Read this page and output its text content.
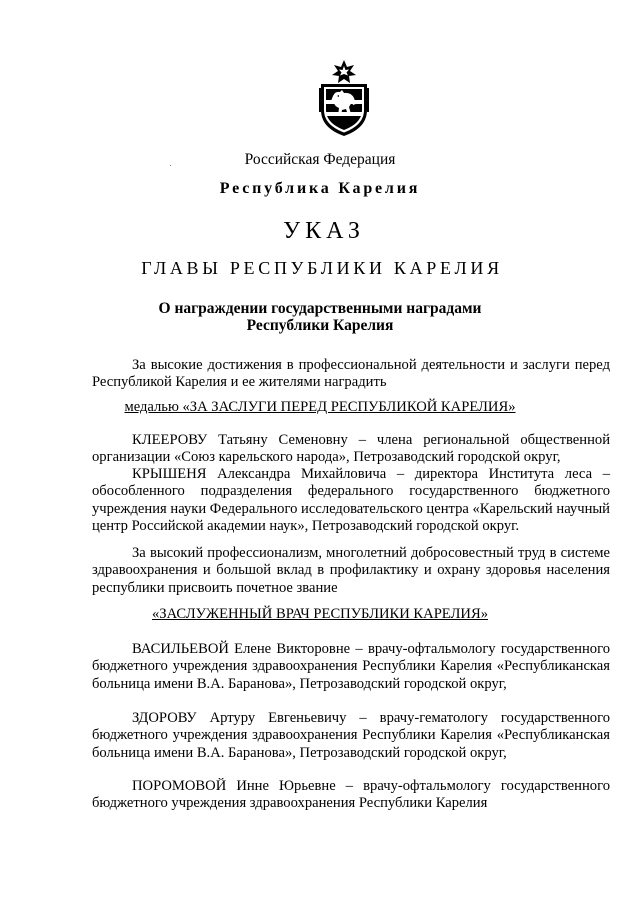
Российская Федерация
Республика Карелия
УКАЗ
ГЛАВЫ РЕСПУБЛИКИ КАРЕЛИЯ
О награждении государственными наградами
Республики Карелия
За высокие достижения в профессиональной деятельности и заслуги перед Республикой Карелия и ее жителями наградить
медалью «ЗА ЗАСЛУГИ ПЕРЕД РЕСПУБЛИКОЙ КАРЕЛИЯ»
КЛЕЕРОВУ Татьяну Семеновну – члена региональной общественной организации «Союз карельского народа», Петрозаводский городской округ,
КРЫШЕНЯ Александра Михайловича – директора Института леса – обособленного подразделения федерального государственного бюджетного учреждения науки Федерального исследовательского центра «Карельский научный центр Российской академии наук», Петрозаводский городской округ.
За высокий профессионализм, многолетний добросовестный труд в системе здравоохранения и большой вклад в профилактику и охрану здоровья населения республики присвоить почетное звание
«ЗАСЛУЖЕННЫЙ ВРАЧ РЕСПУБЛИКИ КАРЕЛИЯ»
ВАСИЛЬЕВОЙ Елене Викторовне – врачу-офтальмологу государственного бюджетного учреждения здравоохранения Республики Карелия «Республиканская больница имени В.А. Баранова», Петрозаводский городской округ,
ЗДОРОВУ Артуру Евгеньевичу – врачу-гематологу государственного бюджетного учреждения здравоохранения Республики Карелия «Республиканская больница имени В.А. Баранова», Петрозаводский городской округ,
ПОРОМОВОЙ Инне Юрьевне – врачу-офтальмологу государственного бюджетного учреждения здравоохранения Республики Карелия
